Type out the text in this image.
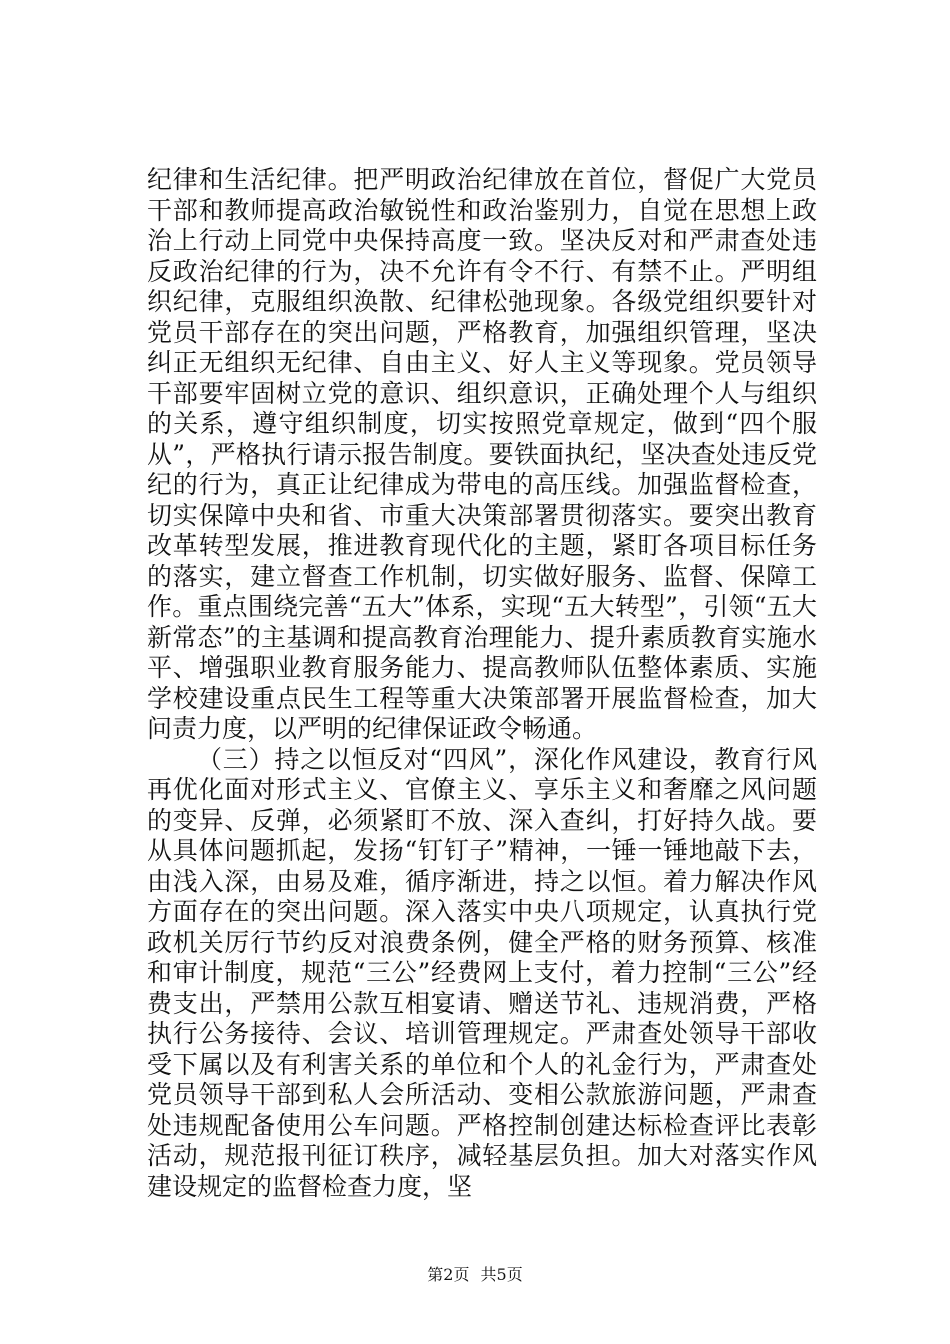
纪律和生活纪律。把严明政治纪律放在首位，督促广大党员干部和教师提高政治敏锐性和政治鉴别力，自觉在思想上政治上行动上同党中央保持高度一致。坚决反对和严肃查处违反政治纪律的行为，决不允许有令不行、有禁不止。严明组织纪律，克服组织涣散、纪律松弛现象。各级党组织要针对党员干部存在的突出问题，严格教育，加强组织管理，坚决纠正无组织无纪律、自由主义、好人主义等现象。党员领导干部要牢固树立党的意识、组织意识，正确处理个人与组织的关系，遵守组织制度，切实按照党章规定，做到“四个服从”，严格执行请示报告制度。要铁面执纪，坚决查处违反党纪的行为，真正让纪律成为带电的高压线。加强监督检查，切实保障中央和省、市重大决策部署贯彻落实。要突出教育改革转型发展，推进教育现代化的主题，紧盯各项目标任务的落实，建立督查工作机制，切实做好服务、监督、保障工作。重点围绕完善“五大”体系，实现“五大转型”，引领“五大新常态”的主基调和提高教育治理能力、提升素质教育实施水平、增强职业教育服务能力、提高教师队伍整体素质、实施学校建设重点民生工程等重大决策部署开展监督检查，加大问责力度，以严明的纪律保证政令畅通。

（三）持之以恒反对“四风”，深化作风建设，教育行风再优化面对形式主义、官僚主义、享乐主义和奢靡之风问题的变异、反弹，必须紧盯不放、深入查纠，打好持久战。要从具体问题抓起，发扬“钉钉子”精神，一锤一锤地敲下去，由浅入深，由易及难，循序渐进，持之以恒。着力解决作风方面存在的突出问题。深入落实中央八项规定，认真执行党政机关厉行节约反对浪费条例，健全严格的财务预算、核准和审计制度，规范“三公”经费网上支付，着力控制“三公”经费支出，严禁用公款互相宴请、赠送节礼、违规消费，严格执行公务接待、会议、培训管理规定。严肃查处领导干部收受下属以及有利害关系的单位和个人的礼金行为，严肃查处党员领导干部到私人会所活动、变相公款旅游问题，严肃查处违规配备使用公车问题。严格控制创建达标检查评比表彰活动，规范报刊征订秩序，减轻基层负担。加大对落实作风建设规定的监督检查力度，坚

第2页 共5页
